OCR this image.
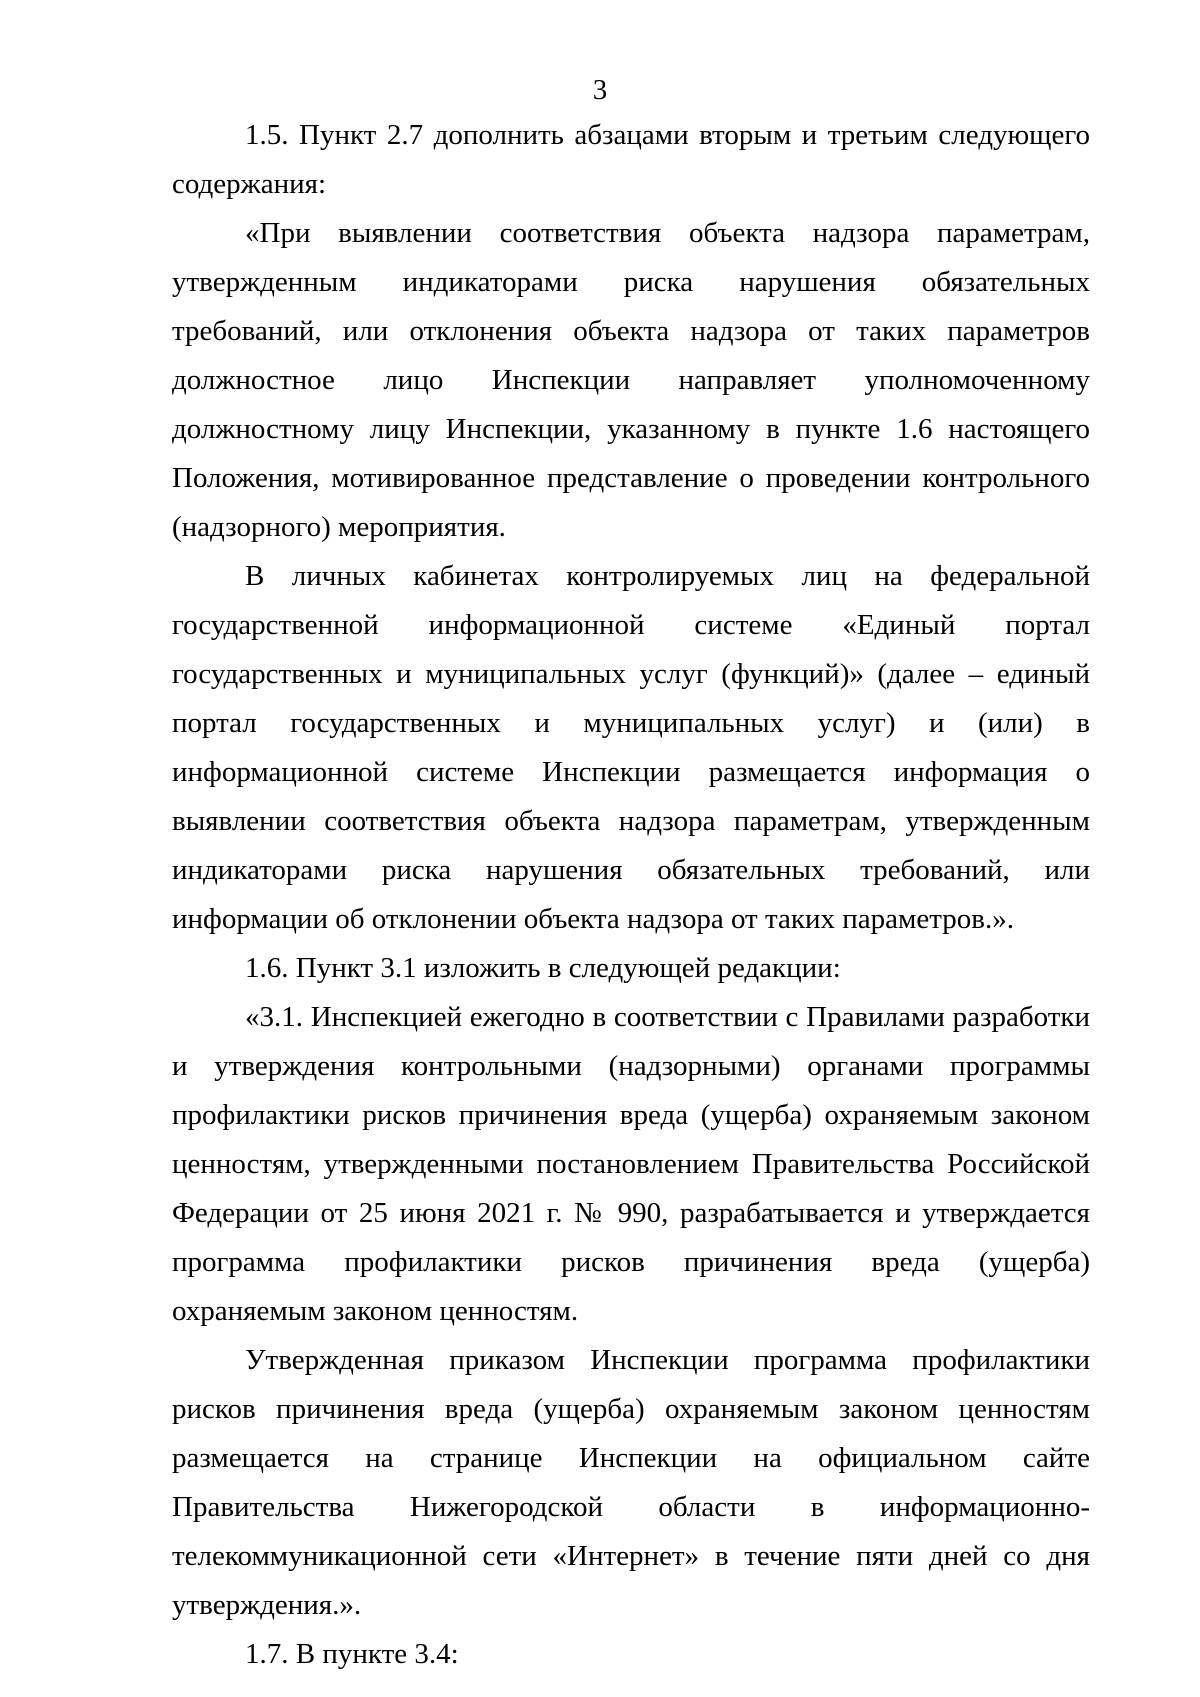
3

1.5. Пункт 2.7 дополнить абзацами вторым и третьим следующего содержания:

«При выявлении соответствия объекта надзора параметрам, утвержденным индикаторами риска нарушения обязательных требований, или отклонения объекта надзора от таких параметров должностное лицо Инспекции направляет уполномоченному должностному лицу Инспекции, указанному в пункте 1.6 настоящего Положения, мотивированное представление о проведении контрольного (надзорного) мероприятия.

В личных кабинетах контролируемых лиц на федеральной государственной информационной системе «Единый портал государственных и муниципальных услуг (функций)» (далее – единый портал государственных и муниципальных услуг) и (или) в информационной системе Инспекции размещается информация о выявлении соответствия объекта надзора параметрам, утвержденным индикаторами риска нарушения обязательных требований, или информации об отклонении объекта надзора от таких параметров.».

1.6. Пункт 3.1 изложить в следующей редакции:

«3.1. Инспекцией ежегодно в соответствии с Правилами разработки и утверждения контрольными (надзорными) органами программы профилактики рисков причинения вреда (ущерба) охраняемым законом ценностям, утвержденными постановлением Правительства Российской Федерации от 25 июня 2021 г. № 990, разрабатывается и утверждается программа профилактики рисков причинения вреда (ущерба) охраняемым законом ценностям.

Утвержденная приказом Инспекции программа профилактики рисков причинения вреда (ущерба) охраняемым законом ценностям размещается на странице Инспекции на официальном сайте Правительства Нижегородской области в информационно-телекоммуникационной сети «Интернет» в течение пяти дней со дня утверждения.».

1.7. В пункте 3.4:
